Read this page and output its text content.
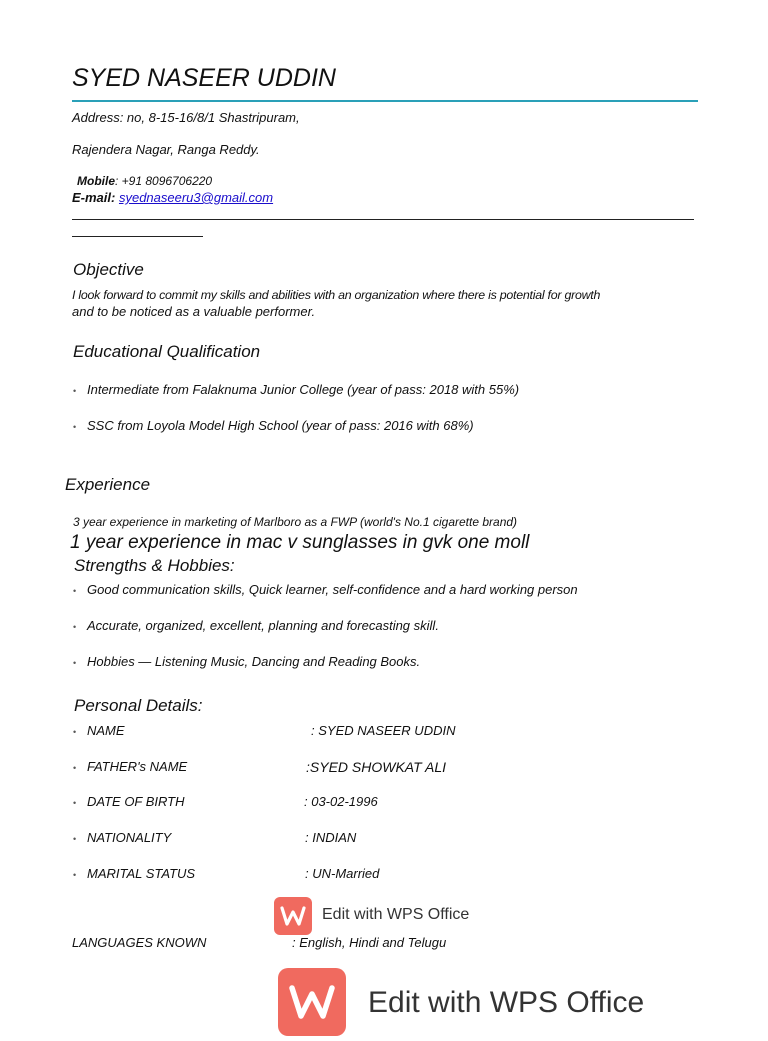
SYED NASEER UDDIN
Address: no, 8-15-16/8/1 Shastripuram,
Rajendera Nagar, Ranga Reddy.
Mobile: +91 8096706220
E-mail: syednaseeru3@gmail.com
Objective
I look forward to commit my skills and abilities with an organization where there is potential for growth
and to be noticed as a valuable performer.
Educational Qualification
• Intermediate from Falaknuma Junior College (year of pass: 2018 with 55%)
• SSC from Loyola Model High School (year of pass: 2016 with 68%)
Experience
3 year experience in marketing of Marlboro as a FWP (world's No.1 cigarette brand)
1 year experience in mac v sunglasses in gvk one moll
Strengths & Hobbies:
• Good communication skills, Quick learner, self-confidence and a hard working person
• Accurate, organized, excellent, planning and forecasting skill.
• Hobbies — Listening Music, Dancing and Reading Books.
Personal Details:
• NAME	: SYED NASEER UDDIN
• FATHER's NAME	:SYED SHOWKAT ALI
• DATE OF BIRTH	: 03-02-1996
• NATIONALITY	: INDIAN
• MARITAL STATUS	: UN-Married
LANGUAGES KNOWN	: English, Hindi and Telugu
Edit with WPS Office
Edit with WPS Office
